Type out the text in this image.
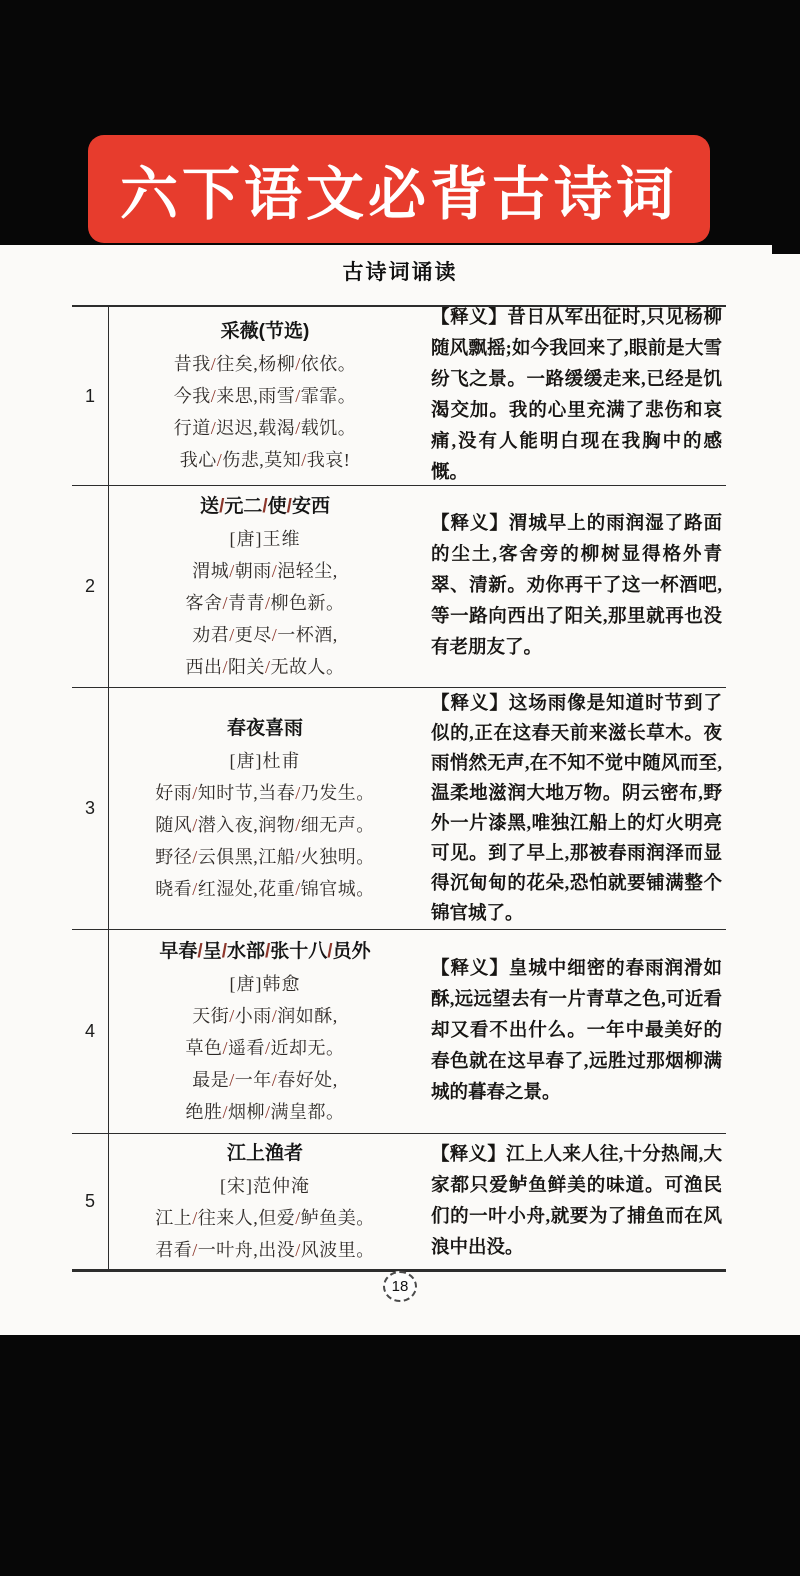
六下语文必背古诗词
古诗词诵读
1
采薇(节选)
昔我/往矣,杨柳/依依。
今我/来思,雨雪/霏霏。
行道/迟迟,载渴/载饥。
我心/伤悲,莫知/我哀!
【释义】昔日从军出征时,只见杨柳随风飘摇;如今我回来了,眼前是大雪纷飞之景。一路缓缓走来,已经是饥渴交加。我的心里充满了悲伤和哀痛,没有人能明白现在我胸中的感慨。
2
送/元二/使/安西
[唐]王维
渭城/朝雨/浥轻尘,
客舍/青青/柳色新。
劝君/更尽/一杯酒,
西出/阳关/无故人。
【释义】渭城早上的雨润湿了路面的尘土,客舍旁的柳树显得格外青翠、清新。劝你再干了这一杯酒吧,等一路向西出了阳关,那里就再也没有老朋友了。
3
春夜喜雨
[唐]杜甫
好雨/知时节,当春/乃发生。
随风/潜入夜,润物/细无声。
野径/云俱黑,江船/火独明。
晓看/红湿处,花重/锦官城。
【释义】这场雨像是知道时节到了似的,正在这春天前来滋长草木。夜雨悄然无声,在不知不觉中随风而至,温柔地滋润大地万物。阴云密布,野外一片漆黑,唯独江船上的灯火明亮可见。到了早上,那被春雨润泽而显得沉甸甸的花朵,恐怕就要铺满整个锦官城了。
4
早春/呈/水部/张十八/员外
[唐]韩愈
天街/小雨/润如酥,
草色/遥看/近却无。
最是/一年/春好处,
绝胜/烟柳/满皇都。
【释义】皇城中细密的春雨润滑如酥,远远望去有一片青草之色,可近看却又看不出什么。一年中最美好的春色就在这早春了,远胜过那烟柳满城的暮春之景。
5
江上渔者
[宋]范仲淹
江上/往来人,但爱/鲈鱼美。
君看/一叶舟,出没/风波里。
【释义】江上人来人往,十分热闹,大家都只爱鲈鱼鲜美的味道。可渔民们的一叶小舟,就要为了捕鱼而在风浪中出没。
18
